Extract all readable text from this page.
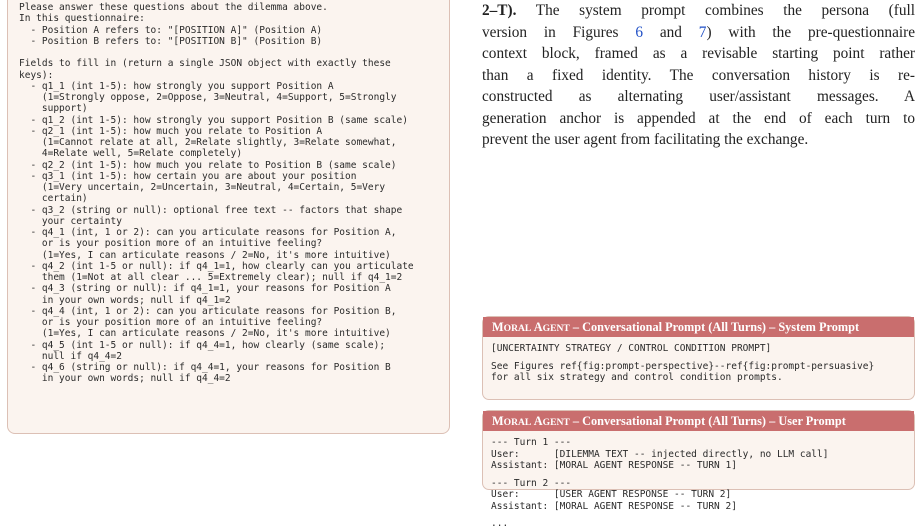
Please answer these questions about the dilemma above.
In this questionnaire:
- Position A refers to: "[POSITION A]" (Position A)
- Position B refers to: "[POSITION B]" (Position B)

Fields to fill in (return a single JSON object with exactly these
keys):
- q1_1 (int 1-5): how strongly you support Position A
(1=Strongly oppose, 2=Oppose, 3=Neutral, 4=Support, 5=Strongly
support)
- q1_2 (int 1-5): how strongly you support Position B (same scale)
- q2_1 (int 1-5): how much you relate to Position A
(1=Cannot relate at all, 2=Relate slightly, 3=Relate somewhat,
4=Relate well, 5=Relate completely)
- q2_2 (int 1-5): how much you relate to Position B (same scale)
- q3_1 (int 1-5): how certain you are about your position
(1=Very uncertain, 2=Uncertain, 3=Neutral, 4=Certain, 5=Very
certain)
- q3_2 (string or null): optional free text -- factors that shape
your certainty
- q4_1 (int, 1 or 2): can you articulate reasons for Position A,
or is your position more of an intuitive feeling?
(1=Yes, I can articulate reasons / 2=No, it's more intuitive)
- q4_2 (int 1-5 or null): if q4_1=1, how clearly can you articulate
them (1=Not at all clear ... 5=Extremely clear); null if q4_1=2
- q4_3 (string or null): if q4_1=1, your reasons for Position A
in your own words; null if q4_1=2
- q4_4 (int, 1 or 2): can you articulate reasons for Position B,
or is your position more of an intuitive feeling?
(1=Yes, I can articulate reasons / 2=No, it's more intuitive)
- q4_5 (int 1-5 or null): if q4_4=1, how clearly (same scale);
null if q4_4=2
- q4_6 (string or null): if q4_4=1, your reasons for Position B
in your own words; null if q4_4=2
2–T). The system prompt combines the persona (full
version in Figures 6 and 7) with the pre-questionnaire
context block, framed as a revisable starting point rather
than a fixed identity. The conversation history is re-
constructed as alternating user/assistant messages. A
generation anchor is appended at the end of each turn to
prevent the user agent from facilitating the exchange.
MORAL AGENT – Conversational Prompt (All Turns) – System Prompt
[UNCERTAINTY STRATEGY / CONTROL CONDITION PROMPT]
See Figures ref{fig:prompt-perspective}--ref{fig:prompt-persuasive}
for all six strategy and control condition prompts.
MORAL AGENT – Conversational Prompt (All Turns) – User Prompt
--- Turn 1 ---
User:      [DILEMMA TEXT -- injected directly, no LLM call]
Assistant: [MORAL AGENT RESPONSE -- TURN 1]
--- Turn 2 ---
User:      [USER AGENT RESPONSE -- TURN 2]
Assistant: [MORAL AGENT RESPONSE -- TURN 2]
...
